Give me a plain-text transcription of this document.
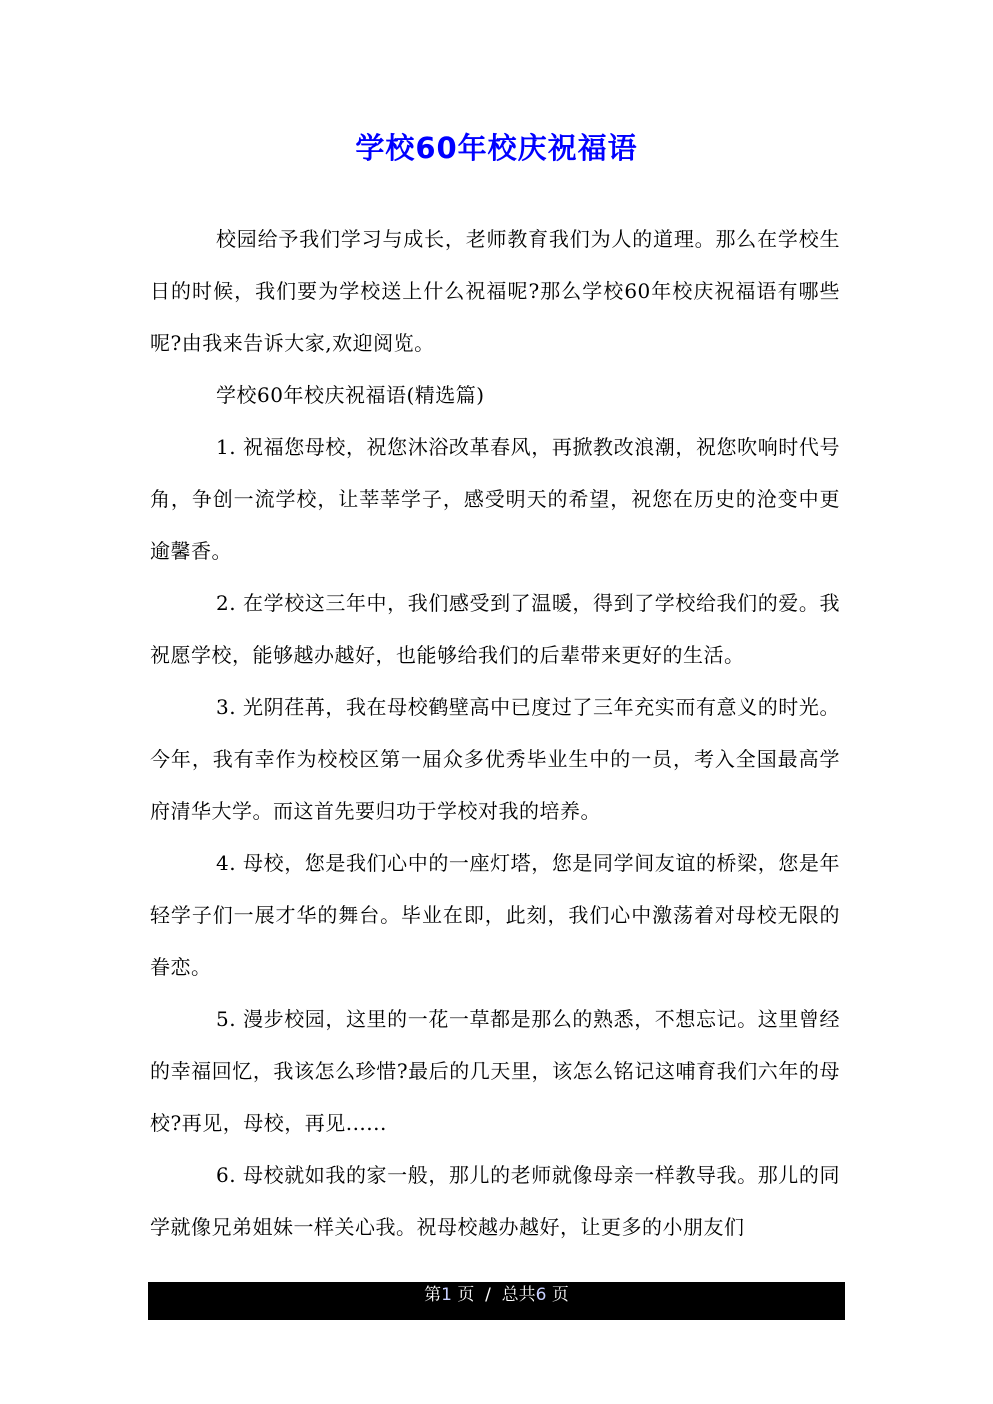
学校60年校庆祝福语

校园给予我们学习与成长，老师教育我们为人的道理。那么在学校生日的时候，我们要为学校送上什么祝福呢?那么学校60年校庆祝福语有哪些呢?由我来告诉大家,欢迎阅览。

学校60年校庆祝福语(精选篇)

1. 祝福您母校，祝您沐浴改革春风，再掀教改浪潮，祝您吹响时代号角，争创一流学校，让莘莘学子，感受明天的希望，祝您在历史的沧变中更逾馨香。

2. 在学校这三年中，我们感受到了温暖，得到了学校给我们的爱。我祝愿学校，能够越办越好，也能够给我们的后辈带来更好的生活。

3. 光阴荏苒，我在母校鹤壁高中已度过了三年充实而有意义的时光。今年，我有幸作为校校区第一届众多优秀毕业生中的一员，考入全国最高学府清华大学。而这首先要归功于学校对我的培养。

4. 母校，您是我们心中的一座灯塔，您是同学间友谊的桥梁，您是年轻学子们一展才华的舞台。毕业在即，此刻，我们心中激荡着对母校无限的眷恋。

5. 漫步校园，这里的一花一草都是那么的熟悉，不想忘记。这里曾经的幸福回忆，我该怎么珍惜?最后的几天里，该怎么铭记这哺育我们六年的母校?再见，母校，再见......

6. 母校就如我的家一般，那儿的老师就像母亲一样教导我。那儿的同学就像兄弟姐妹一样关心我。祝母校越办越好，让更多的小朋友们

第1 页 / 总共6 页
